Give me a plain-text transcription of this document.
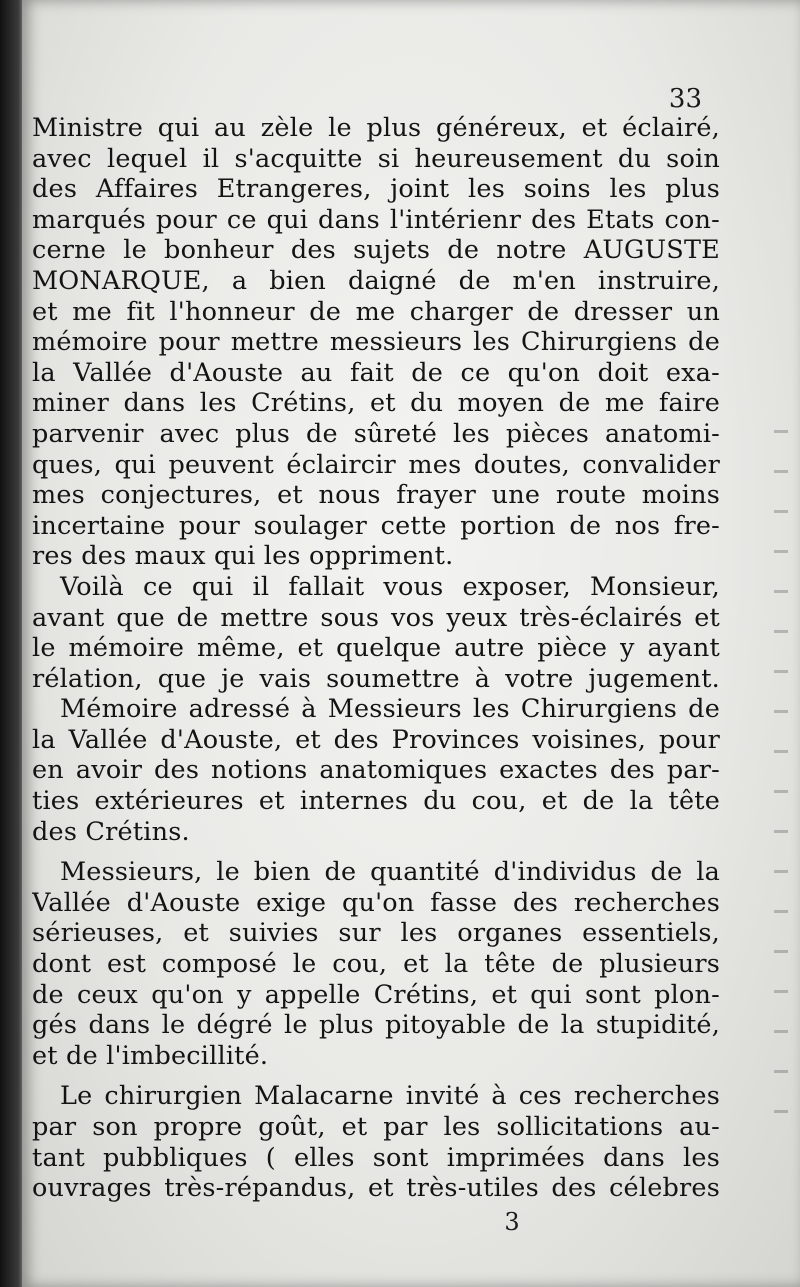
33
Ministre qui au zèle le plus généreux, et éclairé,
avec lequel il s'acquitte si heureusement du soin
des Affaires Etrangeres, joint les soins les plus
marqués pour ce qui dans l'intérienr des Etats con-
cerne le bonheur des sujets de notre AUGUSTE
MONARQUE, a bien daigné de m'en instruire,
et me fit l'honneur de me charger de dresser un
mémoire pour mettre messieurs les Chirurgiens de
la Vallée d'Aouste au fait de ce qu'on doit exa-
miner dans les Crétins, et du moyen de me faire
parvenir avec plus de sûreté les pièces anatomi-
ques, qui peuvent éclaircir mes doutes, convalider
mes conjectures, et nous frayer une route moins
incertaine pour soulager cette portion de nos fre-
res des maux qui les oppriment.
Voilà ce qui il fallait vous exposer, Monsieur,
avant que de mettre sous vos yeux très-éclairés et
le mémoire même, et quelque autre pièce y ayant
rélation, que je vais soumettre à votre jugement.
Mémoire adressé à Messieurs les Chirurgiens de
la Vallée d'Aouste, et des Provinces voisines, pour
en avoir des notions anatomiques exactes des par-
ties extérieures et internes du cou, et de la tête
des Crétins.
Messieurs, le bien de quantité d'individus de la
Vallée d'Aouste exige qu'on fasse des recherches
sérieuses, et suivies sur les organes essentiels,
dont est composé le cou, et la tête de plusieurs
de ceux qu'on y appelle Crétins, et qui sont plon-
gés dans le dégré le plus pitoyable de la stupidité,
et de l'imbecillité.
Le chirurgien Malacarne invité à ces recherches
par son propre goût, et par les sollicitations au-
tant pubbliques ( elles sont imprimées dans les
ouvrages très-répandus, et très-utiles des célebres
3
